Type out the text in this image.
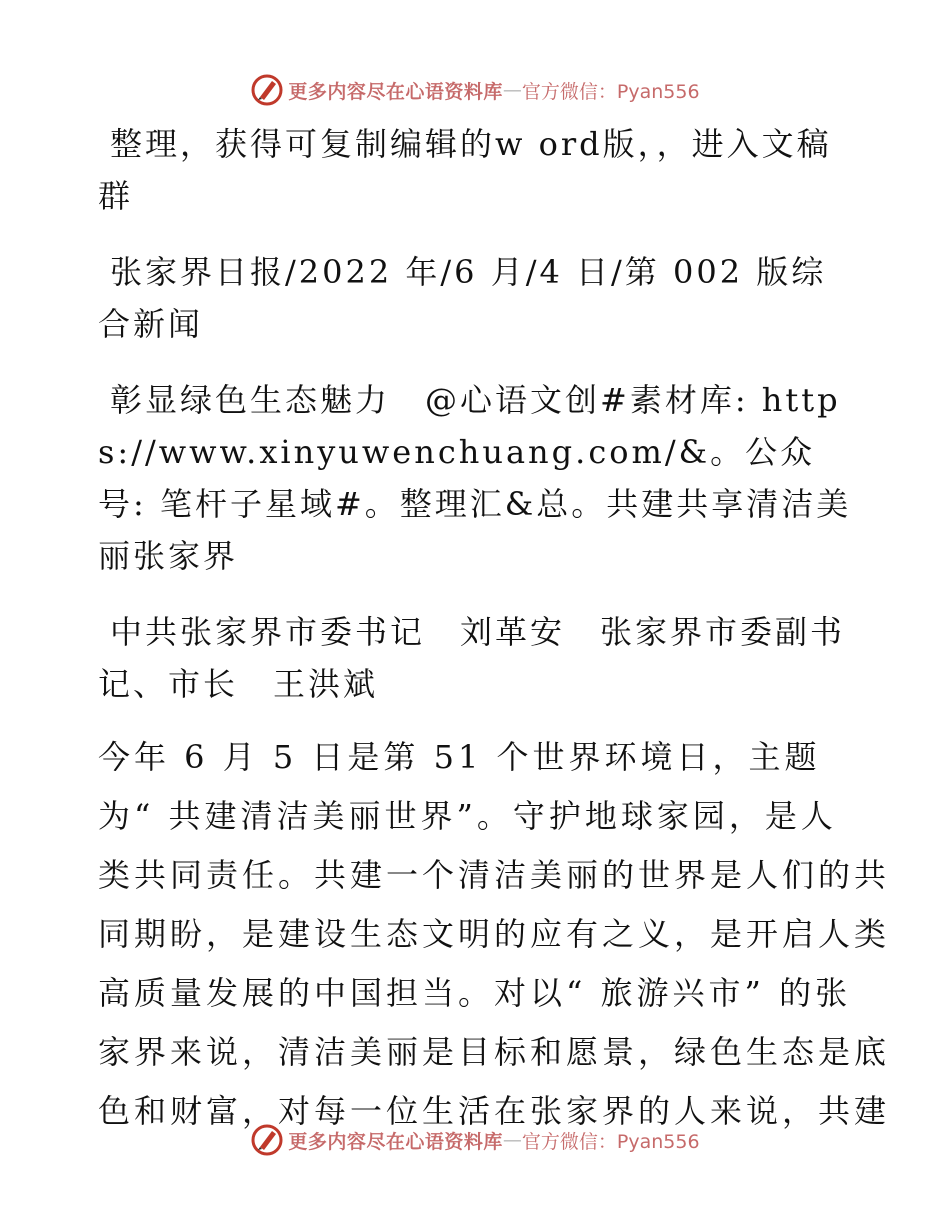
更多内容尽在心语资料库 — 官方微信：Pyan556

整理，获得可复制编辑的w ord版，，进入文稿群

张家界日报/2022 年/6 月/4 日/第 002 版综合新闻

彰显绿色生态魅力　@心语文创#素材库: https://www.xinyuwenchuang.com/&。公众号: 笔杆子星域#。整理汇&总。共建共享清洁美丽张家界

中共张家界市委书记　刘革安　张家界市委副书记、市长　王洪斌

今年 6 月 5 日是第 51 个世界环境日，主题
为“ 共建清洁美丽世界”。守护地球家园，是人
类共同责任。共建一个清洁美丽的世界是人们的共
同期盼，是建设生态文明的应有之义，是开启人类
高质量发展的中国担当。对以“ 旅游兴市” 的张
家界来说，清洁美丽是目标和愿景，绿色生态是底
色和财富，对每一位生活在张家界的人来说，共建
更多内容尽在心语资料库 — 官方微信：Pyan556
